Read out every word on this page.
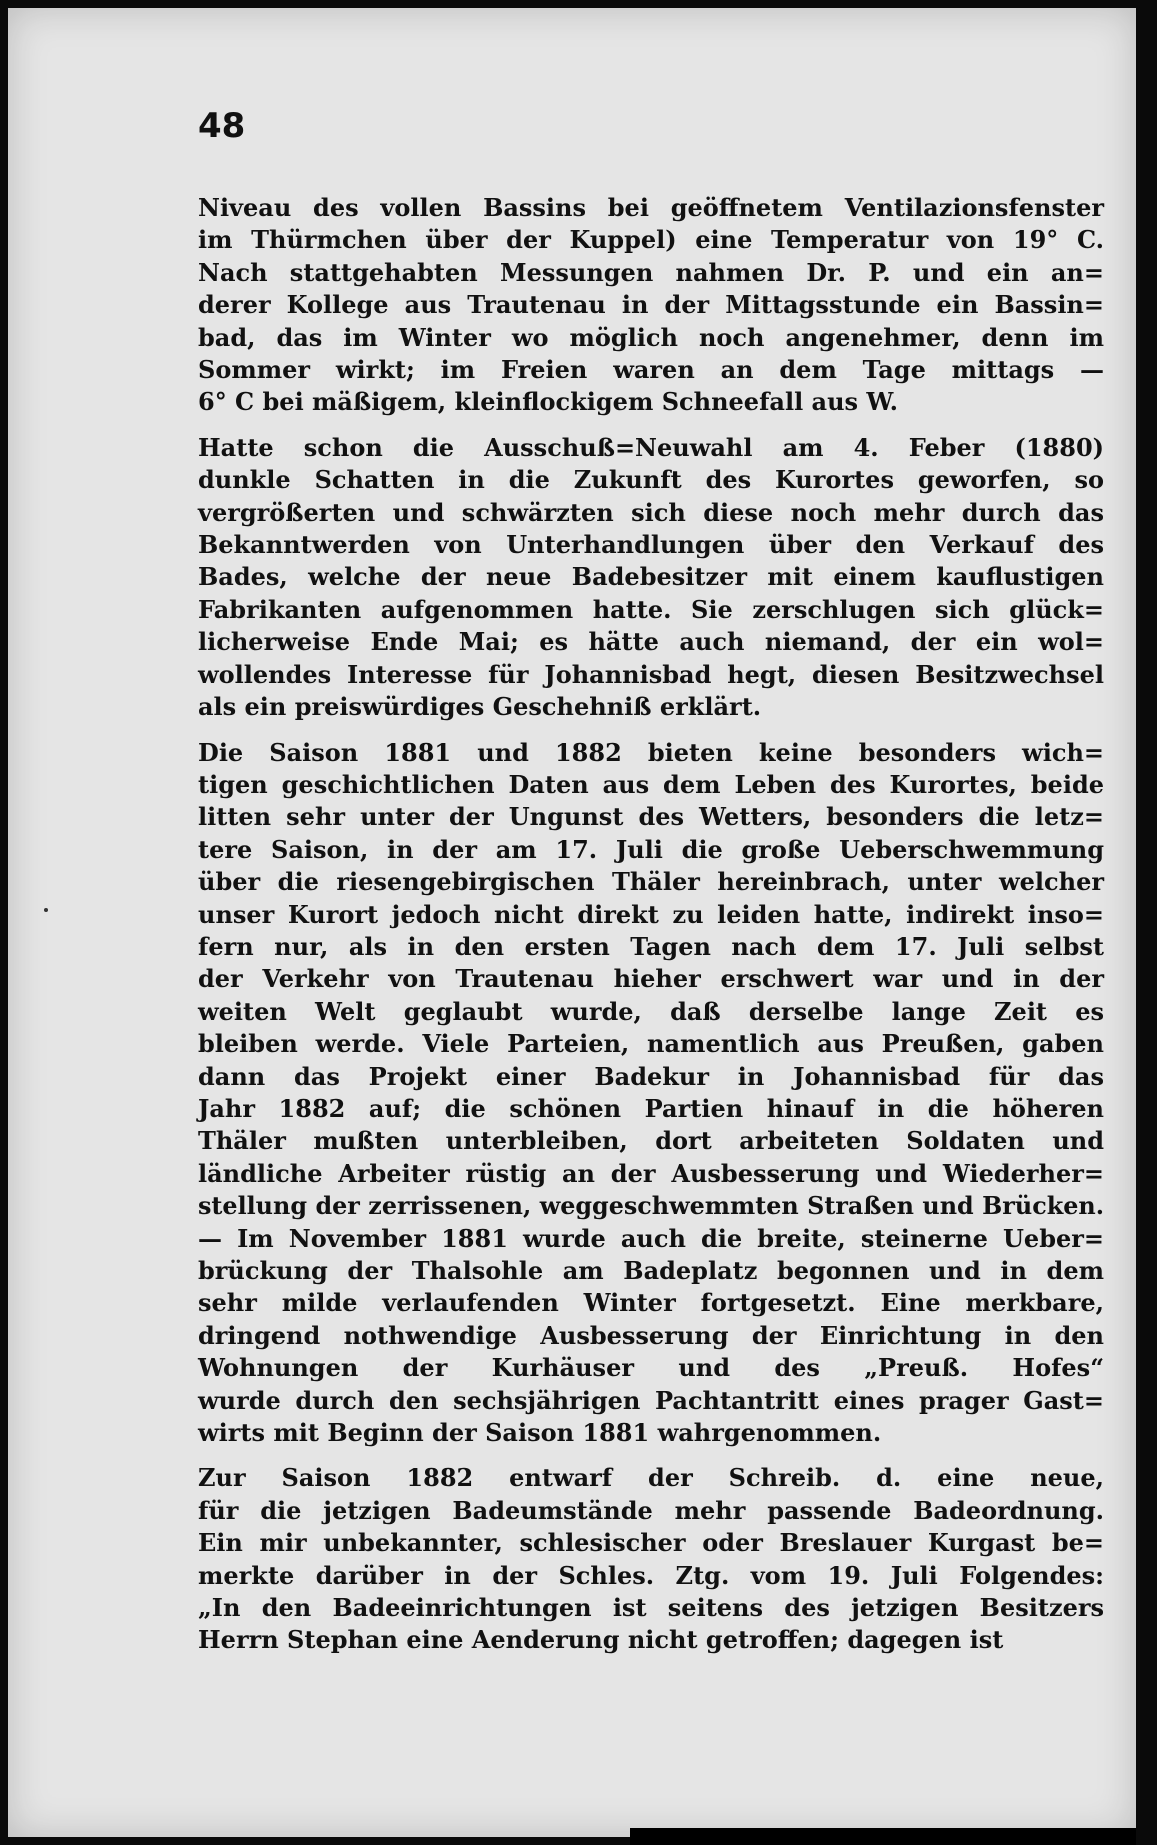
48
Niveau des vollen Bassins bei geöffnetem Ventilazionsfenster
im Thürmchen über der Kuppel) eine Temperatur von 19° C.
Nach stattgehabten Messungen nahmen Dr. P. und ein an=
derer Kollege aus Trautenau in der Mittagsstunde ein Bassin=
bad, das im Winter wo möglich noch angenehmer, denn im
Sommer wirkt; im Freien waren an dem Tage mittags —
6° C bei mäßigem, kleinflockigem Schneefall aus W.
Hatte schon die Ausschuß=Neuwahl am 4. Feber (1880)
dunkle Schatten in die Zukunft des Kurortes geworfen, so
vergrößerten und schwärzten sich diese noch mehr durch das
Bekanntwerden von Unterhandlungen über den Verkauf des
Bades, welche der neue Badebesitzer mit einem kauflustigen
Fabrikanten aufgenommen hatte. Sie zerschlugen sich glück=
licherweise Ende Mai; es hätte auch niemand, der ein wol=
wollendes Interesse für Johannisbad hegt, diesen Besitzwechsel
als ein preiswürdiges Geschehniß erklärt.
Die Saison 1881 und 1882 bieten keine besonders wich=
tigen geschichtlichen Daten aus dem Leben des Kurortes, beide
litten sehr unter der Ungunst des Wetters, besonders die letz=
tere Saison, in der am 17. Juli die große Ueberschwemmung
über die riesengebirgischen Thäler hereinbrach, unter welcher
unser Kurort jedoch nicht direkt zu leiden hatte, indirekt inso=
fern nur, als in den ersten Tagen nach dem 17. Juli selbst
der Verkehr von Trautenau hieher erschwert war und in der
weiten Welt geglaubt wurde, daß derselbe lange Zeit es
bleiben werde. Viele Parteien, namentlich aus Preußen, gaben
dann das Projekt einer Badekur in Johannisbad für das
Jahr 1882 auf; die schönen Partien hinauf in die höheren
Thäler mußten unterbleiben, dort arbeiteten Soldaten und
ländliche Arbeiter rüstig an der Ausbesserung und Wiederher=
stellung der zerrissenen, weggeschwemmten Straßen und Brücken.
— Im November 1881 wurde auch die breite, steinerne Ueber=
brückung der Thalsohle am Badeplatz begonnen und in dem
sehr milde verlaufenden Winter fortgesetzt. Eine merkbare,
dringend nothwendige Ausbesserung der Einrichtung in den
Wohnungen der Kurhäuser und des „Preuß. Hofes“
wurde durch den sechsjährigen Pachtantritt eines prager Gast=
wirts mit Beginn der Saison 1881 wahrgenommen.
Zur Saison 1882 entwarf der Schreib. d. eine neue,
für die jetzigen Badeumstände mehr passende Badeordnung.
Ein mir unbekannter, schlesischer oder Breslauer Kurgast be=
merkte darüber in der Schles. Ztg. vom 19. Juli Folgendes:
„In den Badeeinrichtungen ist seitens des jetzigen Besitzers
Herrn Stephan eine Aenderung nicht getroffen; dagegen ist
